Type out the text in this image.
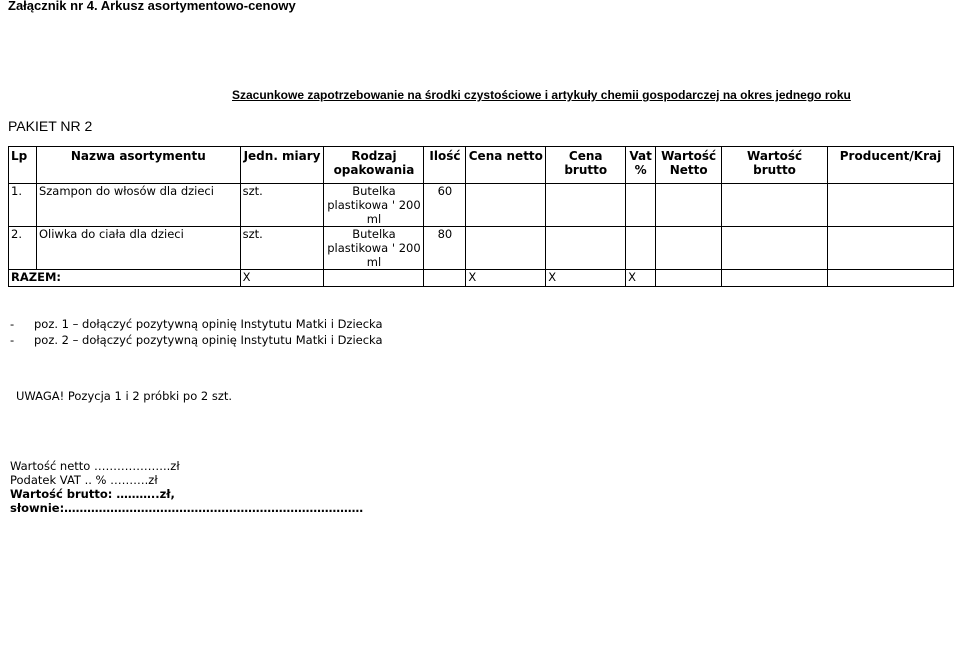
Załącznik nr 4. Arkusz asortymentowo-cenowy
Szacunkowe zapotrzebowanie na środki czystościowe i artykuły chemii gospodarczej na okres jednego roku
PAKIET NR 2
Lp	Nazwa asortymentu	Jedn. miary	Rodzaj opakowania	Ilość	Cena netto	Cena brutto	Vat %	Wartość Netto	Wartość brutto	Producent/Kraj
1.	Szampon do włosów dla dzieci	szt.	Butelka plastikowa ' 200 ml	60						
2.	Oliwka do ciała dla dzieci	szt.	Butelka plastikowa ' 200 ml	80						
RAZEM:		X			X	X	X			
- poz. 1 – dołączyć pozytywną opinię Instytutu Matki i Dziecka
- poz. 2 – dołączyć pozytywną opinię Instytutu Matki i Dziecka
UWAGA! Pozycja 1 i 2 próbki po 2 szt.
Wartość netto ………………..zł
Podatek VAT .. % ……….zł
Wartość brutto: ………..zł,
słownie:……………………………………………………………………
